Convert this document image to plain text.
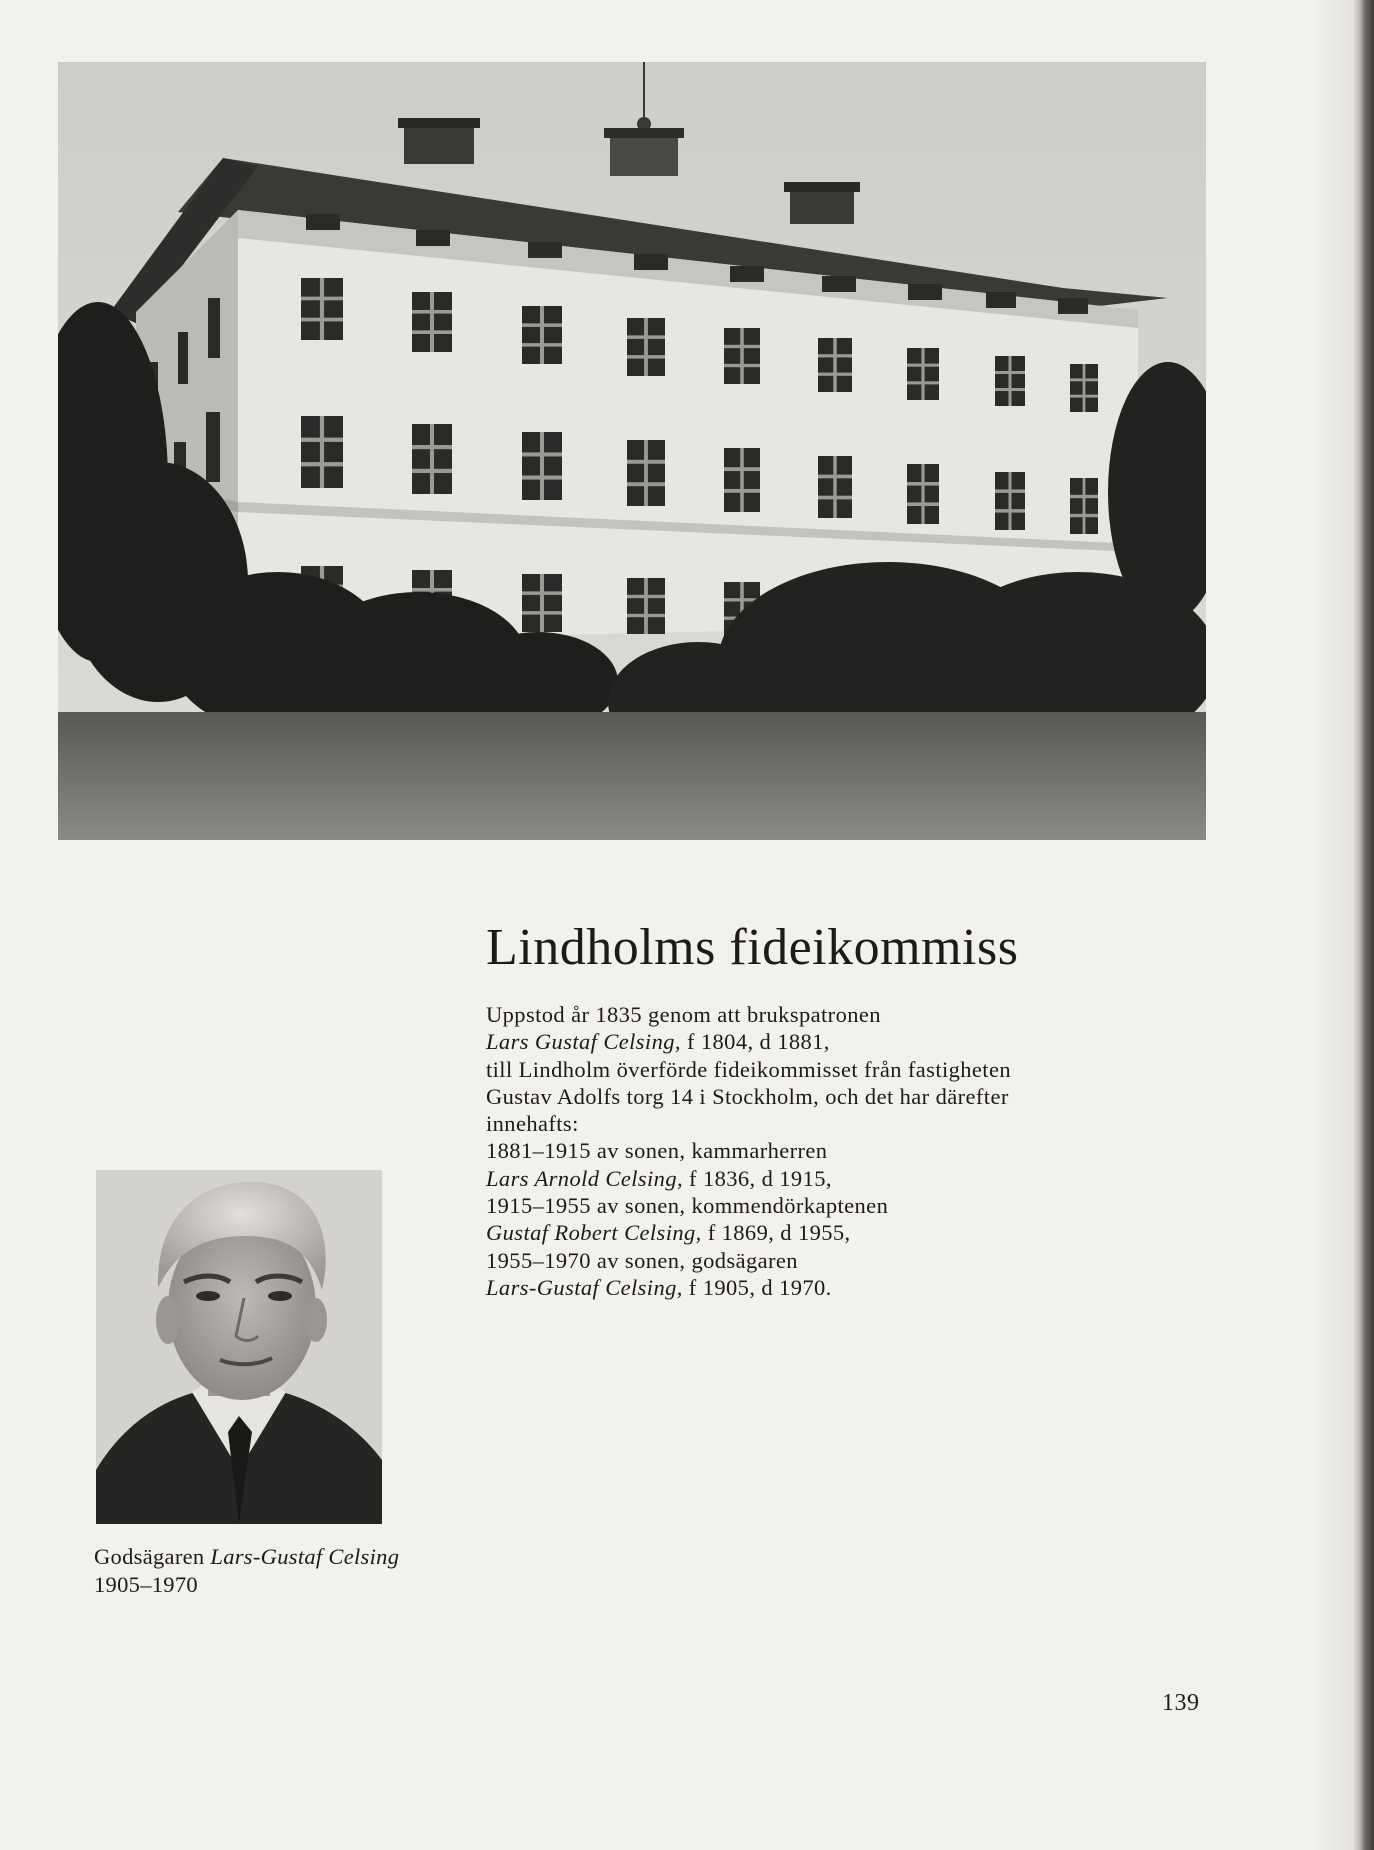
Lindholms fideikommiss
Uppstod år 1835 genom att brukspatronen
Lars Gustaf Celsing, f 1804, d 1881,
till Lindholm överförde fideikommisset från fastigheten
Gustav Adolfs torg 14 i Stockholm, och det har därefter
innehafts:
1881–1915 av sonen, kammarherren
Lars Arnold Celsing, f 1836, d 1915,
1915–1955 av sonen, kommendörkaptenen
Gustaf Robert Celsing, f 1869, d 1955,
1955–1970 av sonen, godsägaren
Lars-Gustaf Celsing, f 1905, d 1970.
Godsägaren Lars-Gustaf Celsing
1905–1970
139
